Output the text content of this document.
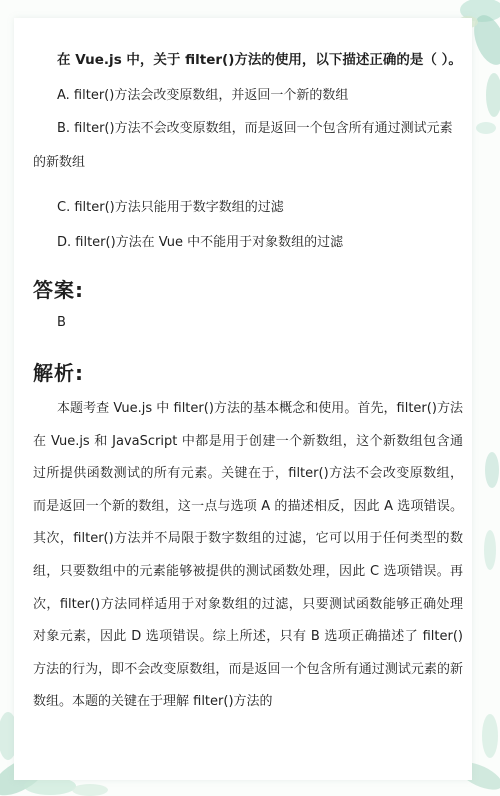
在 Vue.js 中，关于 filter()方法的使用，以下描述正确的是（ ）。
A. filter()方法会改变原数组，并返回一个新的数组
B. filter()方法不会改变原数组，而是返回一个包含所有通过测试元素的新数组
C. filter()方法只能用于数字数组的过滤
D. filter()方法在 Vue 中不能用于对象数组的过滤
答案:
B
解析:

本题考查 Vue.js 中 filter()方法的基本概念和使用。首先，filter()方法在 Vue.js 和 JavaScript 中都是用于创建一个新数组，这个新数组包含通过所提供函数测试的所有元素。关键在于，filter()方法不会改变原数组，而是返回一个新的数组，这一点与选项 A 的描述相反，因此 A 选项错误。其次，filter()方法并不局限于数字数组的过滤，它可以用于任何类型的数组，只要数组中的元素能够被提供的测试函数处理，因此 C 选项错误。再次，filter()方法同样适用于对象数组的过滤，只要测试函数能够正确处理对象元素，因此 D 选项错误。综上所述，只有 B 选项正确描述了 filter()方法的行为，即不会改变原数组，而是返回一个包含所有通过测试元素的新数组。本题的关键在于理解 filter()方法的
